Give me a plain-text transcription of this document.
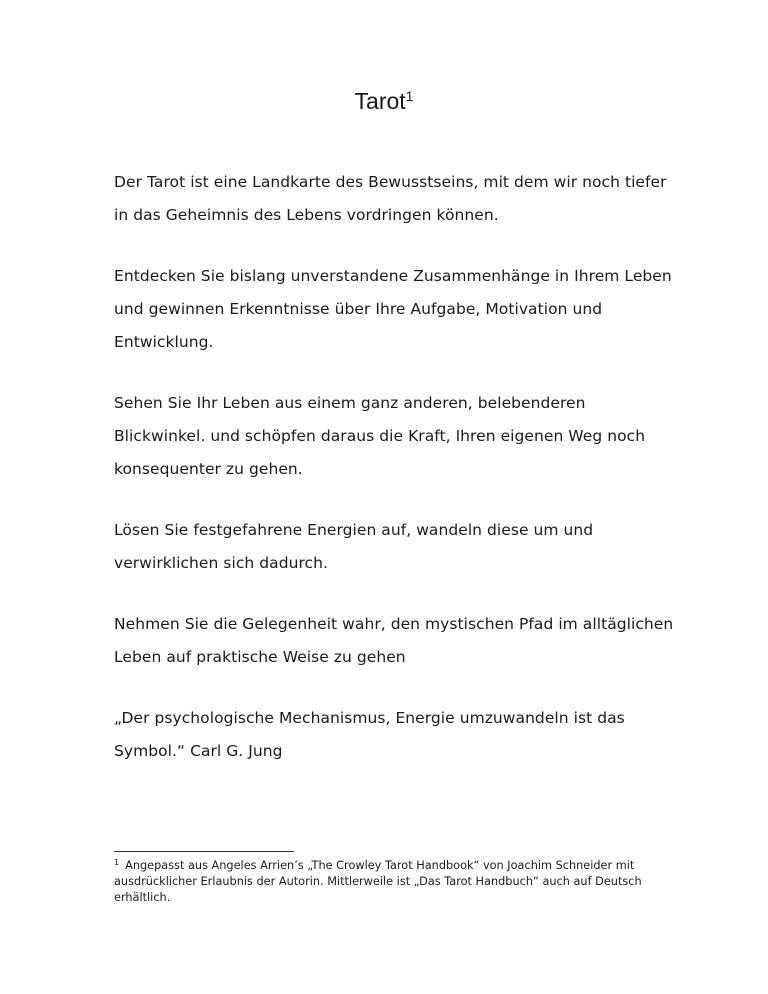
Tarot$^1$

Der Tarot ist eine Landkarte des Bewusstseins, mit dem wir noch tiefer in das Geheimnis des Lebens vordringen können.

Entdecken Sie bislang unverstandene Zusammenhänge in Ihrem Leben und gewinnen Erkenntnisse über Ihre Aufgabe, Motivation und Entwicklung.

Sehen Sie Ihr Leben aus einem ganz anderen, belebenderen Blickwinkel. und schöpfen daraus die Kraft, Ihren eigenen Weg noch konsequenter zu gehen.

Lösen Sie festgefahrene Energien auf, wandeln diese um und verwirklichen sich dadurch.

Nehmen Sie die Gelegenheit wahr, den mystischen Pfad im alltäglichen Leben auf praktische Weise zu gehen

„Der psychologische Mechanismus, Energie umzuwandeln ist das Symbol.“ Carl G. Jung

$^1$ Angepasst aus Angeles Arrien’s „The Crowley Tarot Handbook“ von Joachim Schneider mit ausdrücklicher Erlaubnis der Autorin. Mittlerweile ist „Das Tarot Handbuch“ auch auf Deutsch erhältlich.
